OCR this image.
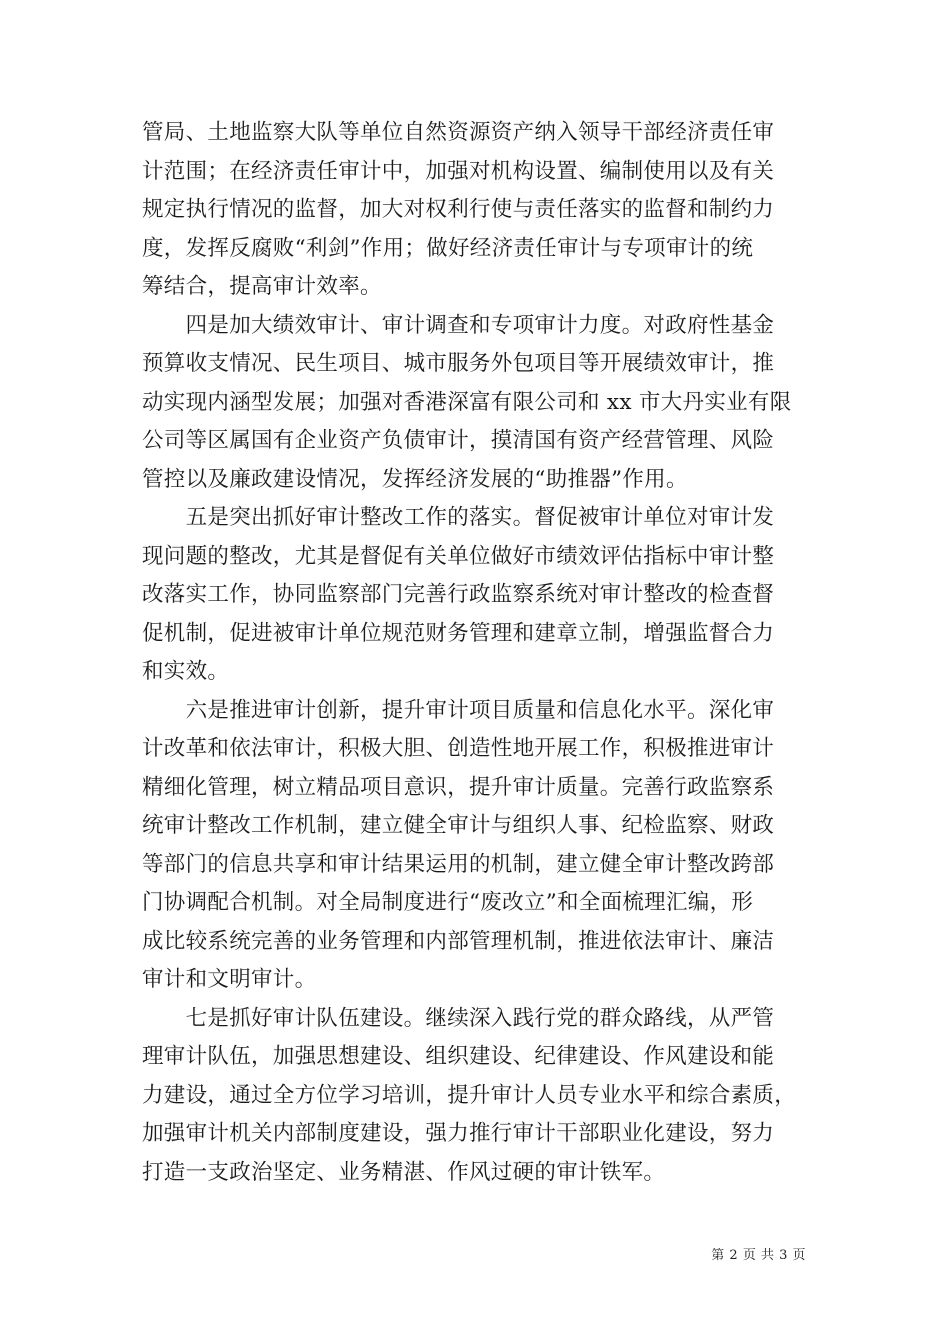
管局、土地监察大队等单位自然资源资产纳入领导干部经济责任审
计范围；在经济责任审计中，加强对机构设置、编制使用以及有关
规定执行情况的监督，加大对权利行使与责任落实的监督和制约力
度，发挥反腐败“利剑”作用；做好经济责任审计与专项审计的统
筹结合，提高审计效率。

　　四是加大绩效审计、审计调查和专项审计力度。对政府性基金
预算收支情况、民生项目、城市服务外包项目等开展绩效审计，推
动实现内涵型发展；加强对香港深富有限公司和 xx 市大丹实业有限
公司等区属国有企业资产负债审计，摸清国有资产经营管理、风险
管控以及廉政建设情况，发挥经济发展的“助推器”作用。

　　五是突出抓好审计整改工作的落实。督促被审计单位对审计发
现问题的整改，尤其是督促有关单位做好市绩效评估指标中审计整
改落实工作，协同监察部门完善行政监察系统对审计整改的检查督
促机制，促进被审计单位规范财务管理和建章立制，增强监督合力
和实效。

　　六是推进审计创新，提升审计项目质量和信息化水平。深化审
计改革和依法审计，积极大胆、创造性地开展工作，积极推进审计
精细化管理，树立精品项目意识，提升审计质量。完善行政监察系
统审计整改工作机制，建立健全审计与组织人事、纪检监察、财政
等部门的信息共享和审计结果运用的机制，建立健全审计整改跨部
门协调配合机制。对全局制度进行“废改立”和全面梳理汇编，形
成比较系统完善的业务管理和内部管理机制，推进依法审计、廉洁
审计和文明审计。

　　七是抓好审计队伍建设。继续深入践行党的群众路线，从严管
理审计队伍，加强思想建设、组织建设、纪律建设、作风建设和能
力建设，通过全方位学习培训，提升审计人员专业水平和综合素质，
加强审计机关内部制度建设，强力推行审计干部职业化建设，努力
打造一支政治坚定、业务精湛、作风过硬的审计铁军。

第 2 页 共 3 页
